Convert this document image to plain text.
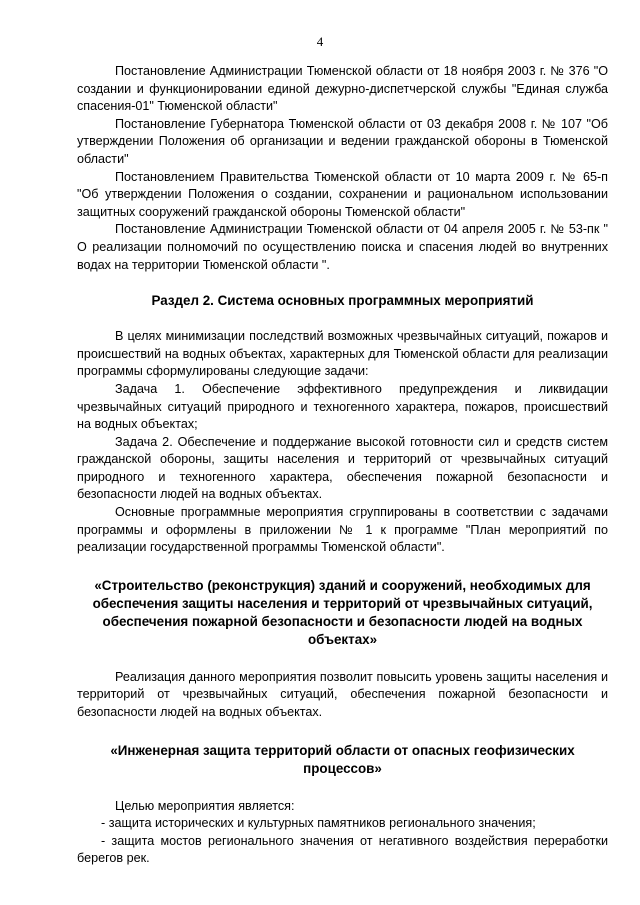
4

Постановление Администрации Тюменской области от 18 ноября 2003 г. № 376 "О создании и функционировании единой дежурно-диспетчерской службы "Единая служба спасения-01" Тюменской области"

Постановление Губернатора Тюменской области от 03 декабря 2008 г. № 107 "Об утверждении Положения об организации и ведении гражданской обороны в Тюменской области"

Постановлением Правительства Тюменской области от 10 марта 2009 г. № 65-п "Об утверждении Положения о создании, сохранении и рациональном использовании защитных сооружений гражданской обороны Тюменской области"

Постановление Администрации Тюменской области от 04 апреля 2005 г. № 53-пк " О реализации полномочий по осуществлению поиска и спасения людей во внутренних водах на территории Тюменской области ".

Раздел 2. Система основных программных мероприятий

В целях минимизации последствий возможных чрезвычайных ситуаций, пожаров и происшествий на водных объектах, характерных для Тюменской области для реализации программы сформулированы следующие задачи:

Задача 1. Обеспечение эффективного предупреждения и ликвидации чрезвычайных ситуаций природного и техногенного характера, пожаров, происшествий на водных объектах;

Задача 2. Обеспечение и поддержание высокой готовности сил и средств систем гражданской обороны, защиты населения и территорий от чрезвычайных ситуаций природного и техногенного характера, обеспечения пожарной безопасности и безопасности людей на водных объектах.

Основные программные мероприятия сгруппированы в соответствии с задачами программы и оформлены в приложении № 1 к программе "План мероприятий по реализации государственной программы Тюменской области".

«Строительство (реконструкция) зданий и сооружений, необходимых для обеспечения защиты населения и территорий от чрезвычайных ситуаций, обеспечения пожарной безопасности и безопасности людей на водных объектах»

Реализация данного мероприятия позволит повысить уровень защиты населения и территорий от чрезвычайных ситуаций, обеспечения пожарной безопасности и безопасности людей на водных объектах.

«Инженерная защита территорий области от опасных геофизических процессов»

Целью мероприятия является:

- защита исторических и культурных памятников регионального значения;

- защита мостов регионального значения от негативного воздействия переработки берегов рек.
